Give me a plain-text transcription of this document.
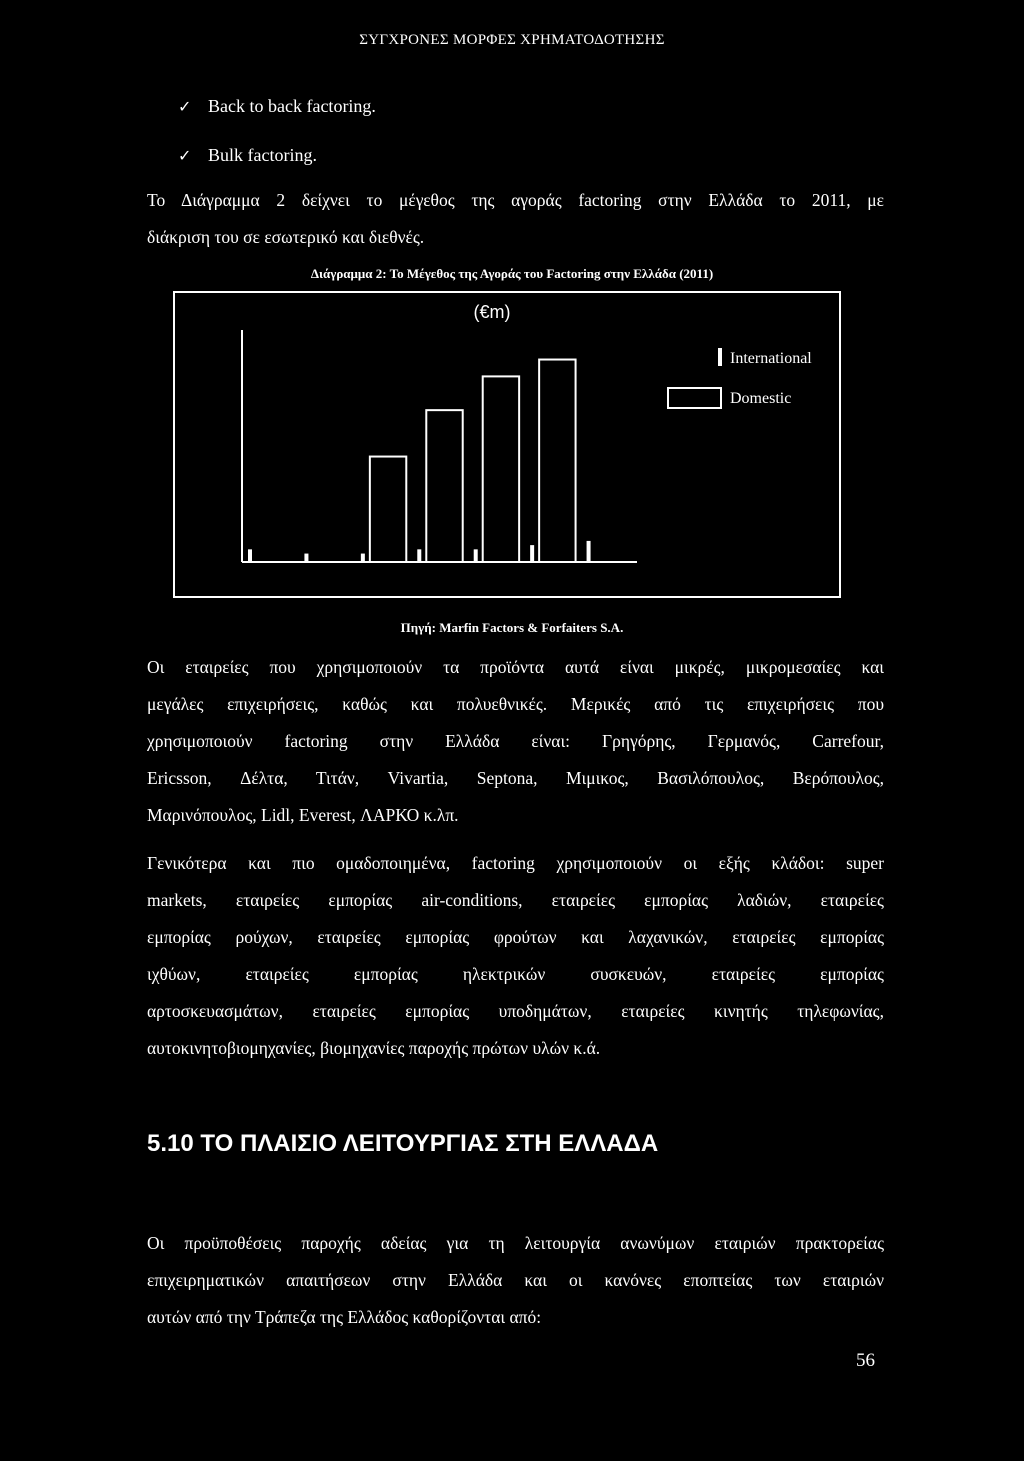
ΣΥΓΧΡΟΝΕΣ ΜΟΡΦΕΣ ΧΡΗΜΑΤΟΔΟΤΗΣΗΣ
✓ Back to back factoring.
✓ Bulk factoring.
Το Διάγραμμα 2 δείχνει το μέγεθος της αγοράς factoring στην Ελλάδα το 2011, με
διάκριση του σε εσωτερικό και διεθνές.
Διάγραμμα 2: Το Μέγεθος της Αγοράς του Factoring στην Ελλάδα (2011)
(€m)
International
Domestic
Πηγή: Marfin Factors & Forfaiters S.A.
Οι εταιρείες που χρησιμοποιούν τα προϊόντα αυτά είναι μικρές, μικρομεσαίες και
μεγάλες επιχειρήσεις, καθώς και πολυεθνικές. Μερικές από τις επιχειρήσεις που
χρησιμοποιούν factoring στην Ελλάδα είναι: Γρηγόρης, Γερμανός, Carrefour,
Ericsson, Δέλτα, Τιτάν, Vivartia, Septona, Μιμικος, Βασιλόπουλος, Βερόπουλος,
Μαρινόπουλος, Lidl, Everest, ΛΑΡΚΟ κ.λπ.
Γενικότερα και πιο ομαδοποιημένα, factoring χρησιμοποιούν οι εξής κλάδοι: super
markets, εταιρείες εμπορίας air-conditions, εταιρείες εμπορίας λαδιών, εταιρείες
εμπορίας ρούχων, εταιρείες εμπορίας φρούτων και λαχανικών, εταιρείες εμπορίας
ιχθύων, εταιρείες εμπορίας ηλεκτρικών συσκευών, εταιρείες εμπορίας
αρτοσκευασμάτων, εταιρείες εμπορίας υποδημάτων, εταιρείες κινητής τηλεφωνίας,
αυτοκινητοβιομηχανίες, βιομηχανίες παροχής πρώτων υλών κ.ά.
5.10 ΤΟ ΠΛΑΙΣΙΟ ΛΕΙΤΟΥΡΓΙΑΣ ΣΤΗ ΕΛΛΑΔΑ
Οι προϋποθέσεις παροχής αδείας για τη λειτουργία ανωνύμων εταιριών πρακτορείας
επιχειρηματικών απαιτήσεων στην Ελλάδα και οι κανόνες εποπτείας των εταιριών
αυτών από την Τράπεζα της Ελλάδος καθορίζονται από:
56
